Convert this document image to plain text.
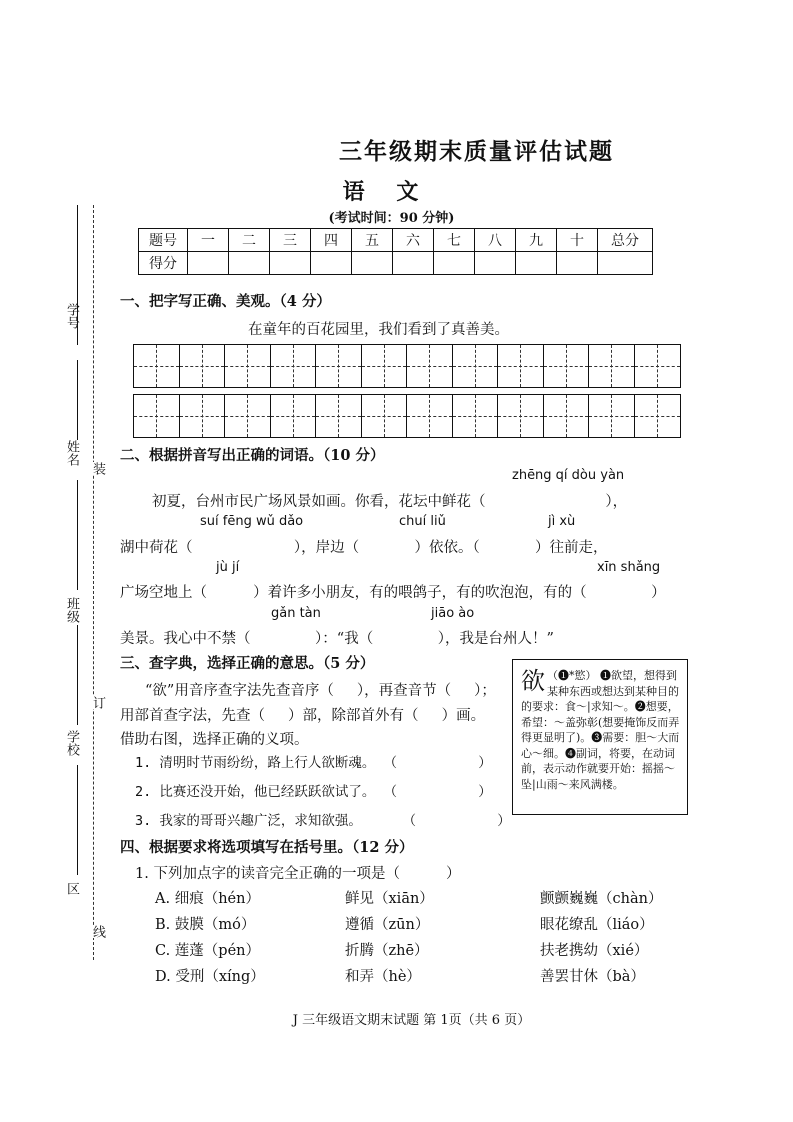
三年级期末质量评估试题
语 文
(考试时间：90 分钟)
题号	一	二	三	四	五	六	七	八	九	十	总分
得分											
学号
姓名
装
班级
订
学校
区
线
一、把字写正确、美观。（4 分）
在童年的百花园里，我们看到了真善美。
二、根据拼音写出正确的词语。（10 分）
zhēng qí dòu yàn
初夏，台州市民广场风景如画。你看，花坛中鲜花（                          ），
suí fēng wǔ dǎo	chuí liǔ	jì xù
湖中荷花（                      ），岸边（            ）依依。（            ）往前走，
jù jí	xīn shǎng
广场空地上（          ）着许多小朋友，有的喂鸽子，有的吹泡泡，有的（              ）
gǎn tàn	jiāo ào
美景。我心中不禁（              ）：“我（              ），我是台州人！”
三、查字典，选择正确的意思。（5 分）
“欲”用音序查字法先查音序（     ），再查音节（     ）；
用部首查字法，先查（     ）部，除部首外有（     ）画。
借助右图，选择正确的义项。
1. 清明时节雨纷纷，路上行人欲断魂。 （          ）
2. 比赛还没开始，他已经跃跃欲试了。 （          ）
3. 我家的哥哥兴趣广泛，求知欲强。     （          ）
欲 （❶*慾） ❶欲望，想得到某种东西或想达到某种目的的要求：食～|求知～。❷想要，希望：～盖弥彰(想要掩饰反而弄得更显明了)。❸需要：胆～大而心～细。❹副词，将要，在动词前，表示动作就要开始：摇摇～坠|山雨～来风满楼。
四、根据要求将选项填写在括号里。（12 分）
1. 下列加点字的读音完全正确的一项是（          ）
A. 细痕（hén）	鲜见（xiān）	颤颤巍巍（chàn）
B. 鼓膜（mó）	遵循（zūn）	眼花缭乱（liáo）
C. 莲蓬（pén）	折腾（zhē）	扶老携幼（xié）
D. 受刑（xíng）	和弄（hè）	善罢甘休（bà）
J 三年级语文期末试题 第 1页（共 6 页）
